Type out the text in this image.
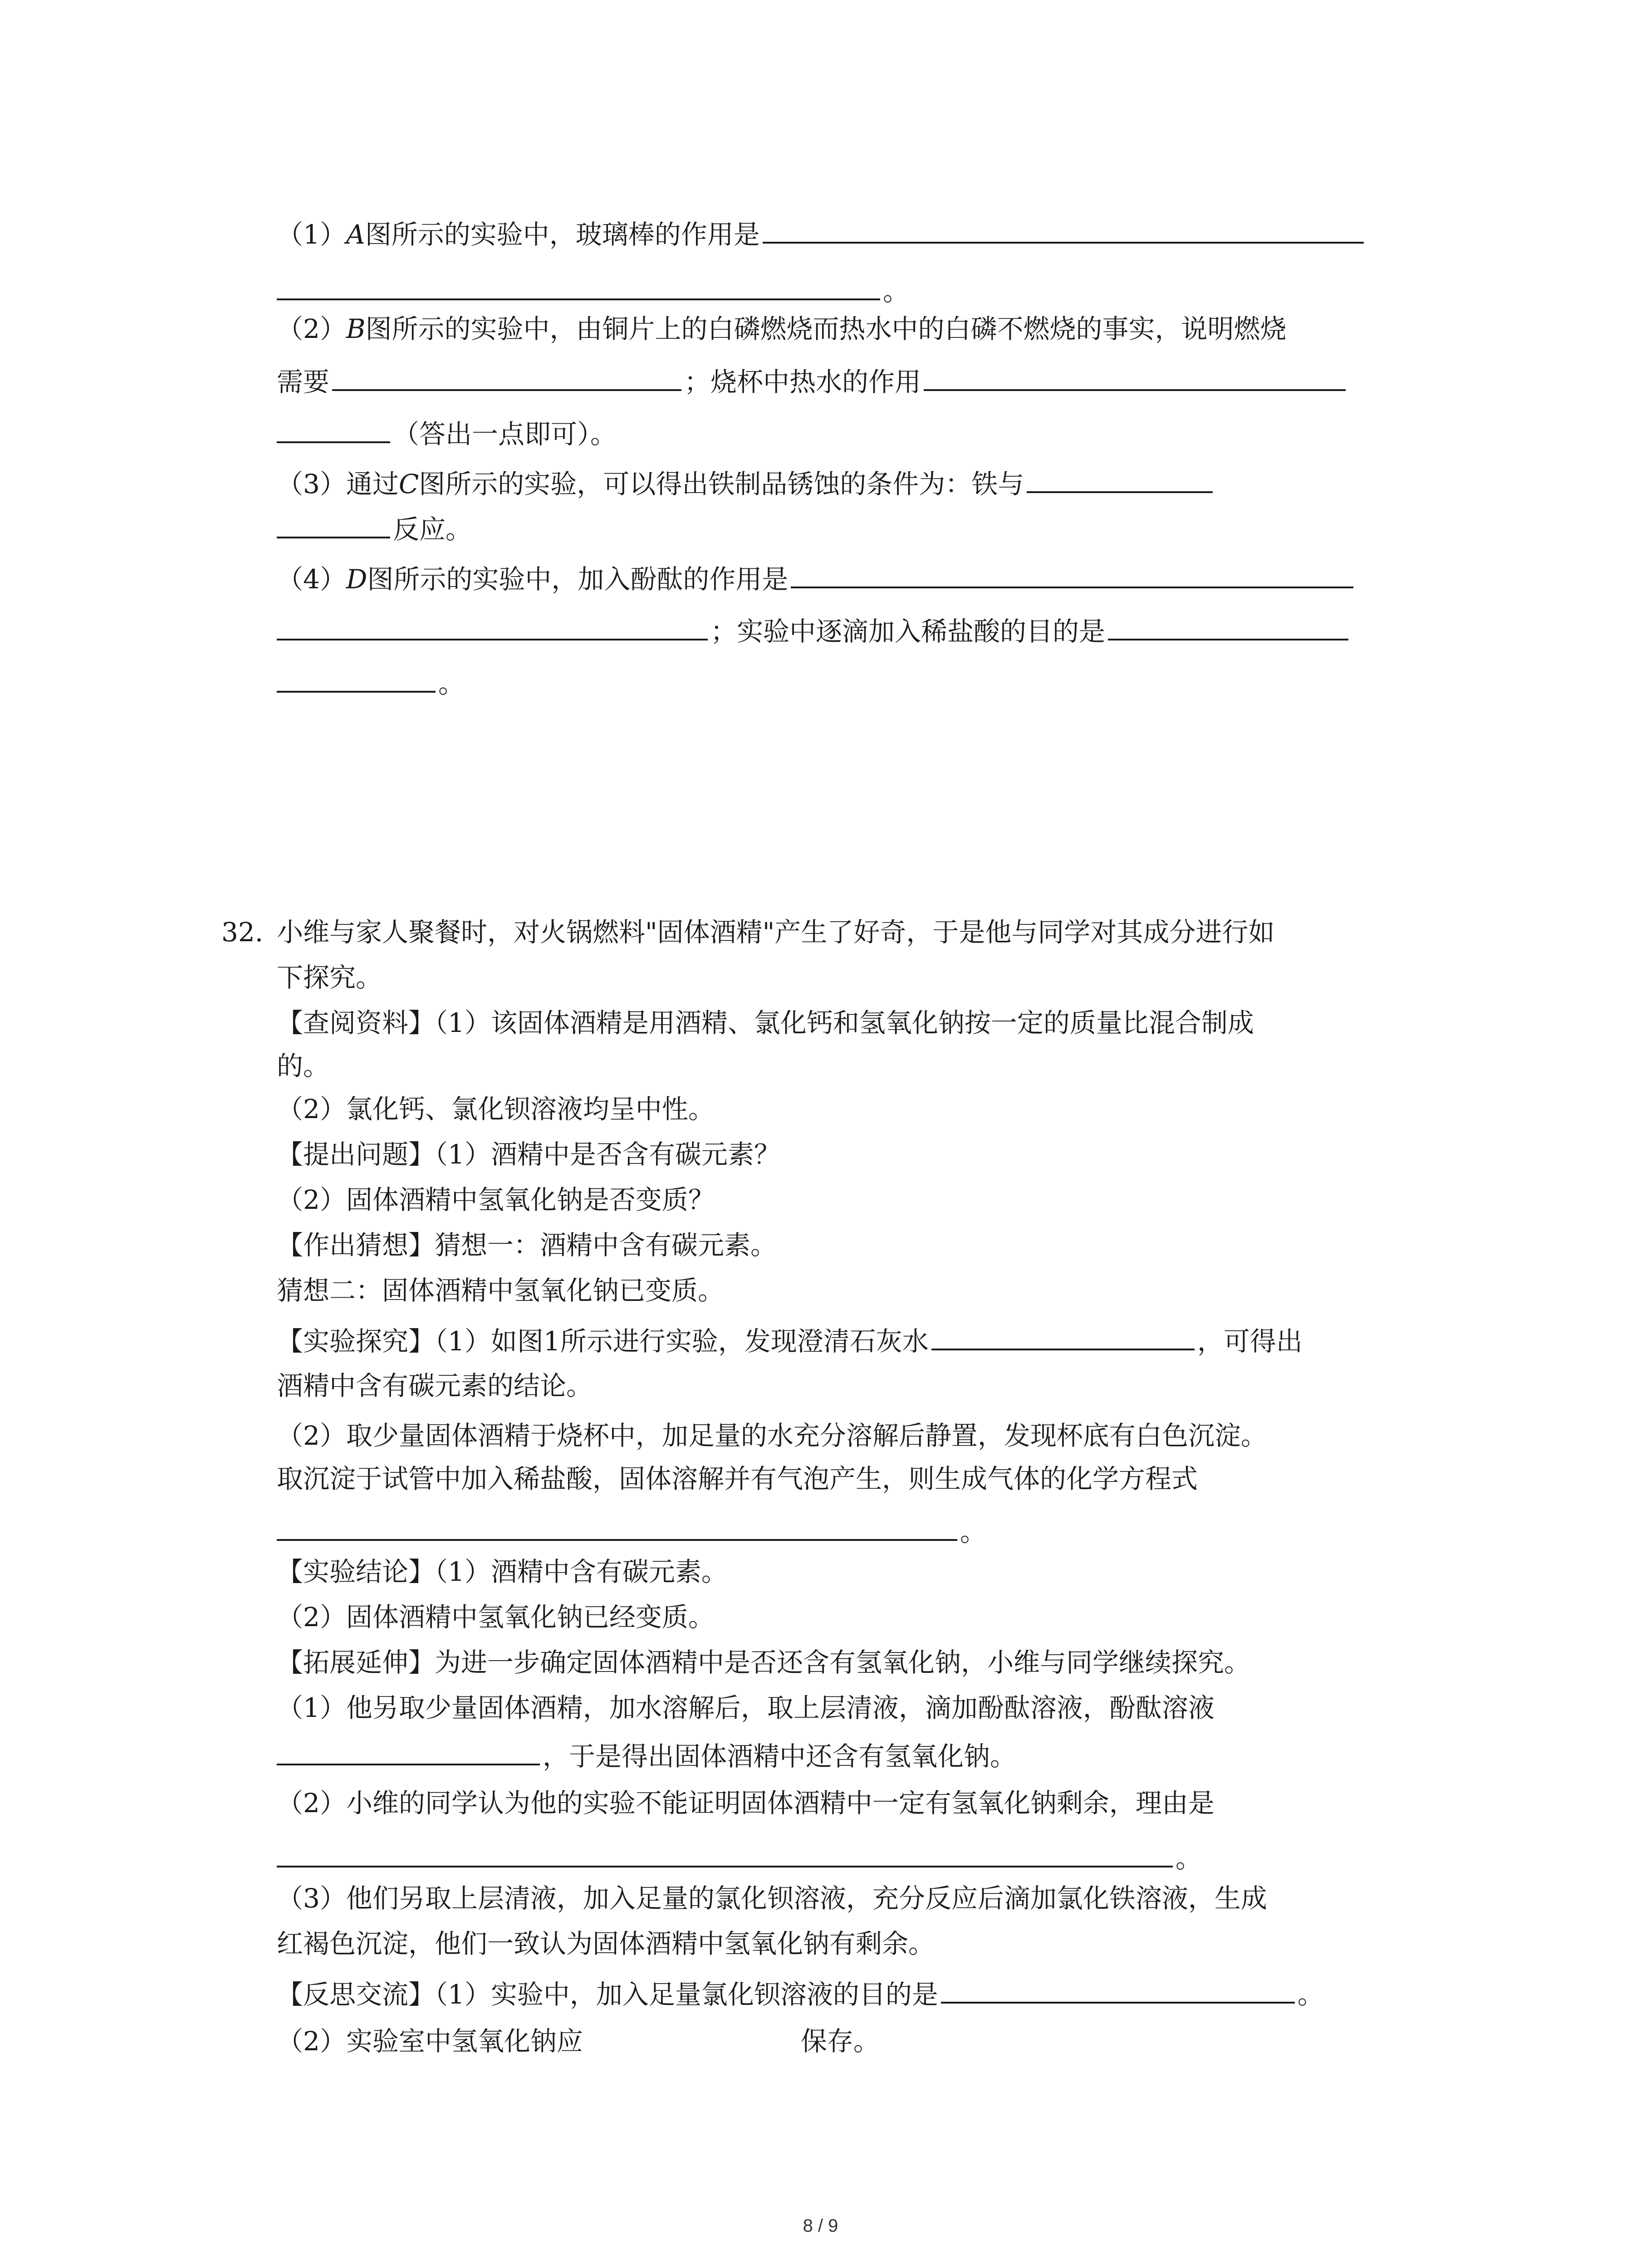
（1）A图所示的实验中，玻璃棒的作用是
。
（2）B图所示的实验中，由铜片上的白磷燃烧而热水中的白磷不燃烧的事实，说明燃烧
需要	；烧杯中热水的作用
（答出一点即可）。
（3）通过C图所示的实验，可以得出铁制品锈蚀的条件为：铁与
反应。
（4）D图所示的实验中，加入酚酞的作用是
；实验中逐滴加入稀盐酸的目的是
。
32. 小维与家人聚餐时，对火锅燃料"固体酒精"产生了好奇，于是他与同学对其成分进行如
下探究。
【查阅资料】（1）该固体酒精是用酒精、氯化钙和氢氧化钠按一定的质量比混合制成
的。
（2）氯化钙、氯化钡溶液均呈中性。
【提出问题】（1）酒精中是否含有碳元素？
（2）固体酒精中氢氧化钠是否变质？
【作出猜想】猜想一：酒精中含有碳元素。
猜想二：固体酒精中氢氧化钠已变质。
【实验探究】（1）如图1所示进行实验，发现澄清石灰水	，可得出
酒精中含有碳元素的结论。
（2）取少量固体酒精于烧杯中，加足量的水充分溶解后静置，发现杯底有白色沉淀。
取沉淀于试管中加入稀盐酸，固体溶解并有气泡产生，则生成气体的化学方程式
。
【实验结论】（1）酒精中含有碳元素。
（2）固体酒精中氢氧化钠已经变质。
【拓展延伸】为进一步确定固体酒精中是否还含有氢氧化钠，小维与同学继续探究。
（1）他另取少量固体酒精，加水溶解后，取上层清液，滴加酚酞溶液，酚酞溶液
，于是得出固体酒精中还含有氢氧化钠。
（2）小维的同学认为他的实验不能证明固体酒精中一定有氢氧化钠剩余，理由是
。
（3）他们另取上层清液，加入足量的氯化钡溶液，充分反应后滴加氯化铁溶液，生成
红褐色沉淀，他们一致认为固体酒精中氢氧化钠有剩余。
【反思交流】（1）实验中，加入足量氯化钡溶液的目的是	。
（2）实验室中氢氧化钠应	保存。
8 / 9
